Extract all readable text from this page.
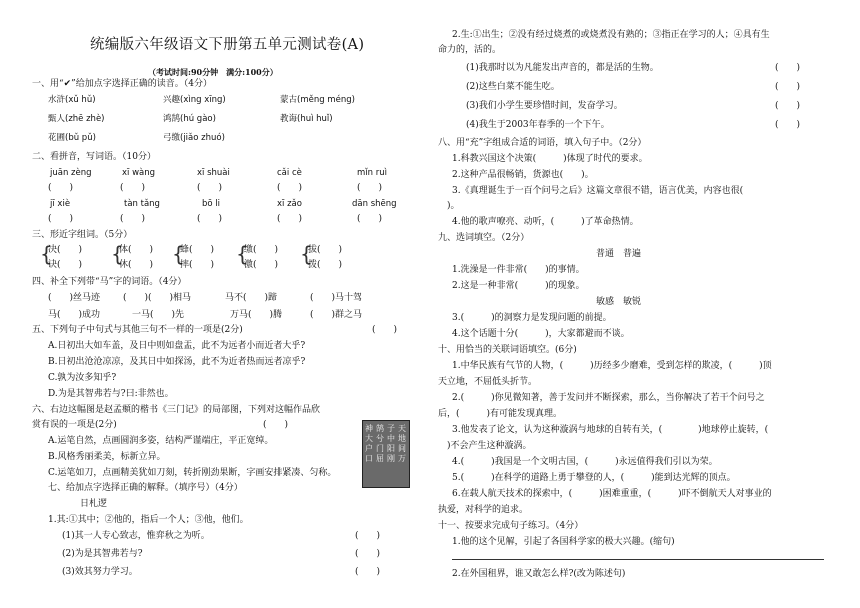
统编版六年级语文下册第五单元测试卷(A)
（考试时间:90分钟　满分:100分）
一、用“✔”给加点字选择正确的读音。（4分）
水浒(xǔ hǔ)	兴趣(xìng xīng)	蒙古(měng méng)
甄人(zhē zhè)	鸿鹄(hú gào)	教诲(huì huǐ)
花圃(bǔ pǔ)	弓缴(jiǎo zhuó)
二、看拼音，写词语。（10分）
juān zèng	xī wàng	xī shuài	cǎi cè	mǐn ruì
(　　)	(　　)	(　　)	(　　)	(　　)
jī xiè	tàn tǎng	bō li	xī zǎo	dān shēng
(　　)	(　　)	(　　)	(　　)	(　　)
三、形近字组词。（5分）
{	{ {	{	{
决(　　)	体(　　)	蜂(　　)	缴(　　)	拔(　　)
诀(　　)	休(　　)	摔(　　)	激(　　)	拨(　　)
四、补全下列带“马”字的词语。（4分）
(　　)丝马迹	(　　)(　　)相马	马不(　　)蹄	(　　)马十驾
马(　　)成功	一马(　　)先	万马(　　)腾	(　　)群之马
五、下列句子中句式与其他三句不一样的一项是(2分)	(　　)
A.日初出大如车盖，及日中则如盘盂，此不为远者小而近者大乎?
B.日初出沧沧凉凉，及其日中如探汤，此不为近者热而远者凉乎?
C.孰为汝多知乎?
D.为是其智弗若与?曰:非然也。
六、右边这幅图是赵孟頫的楷书《三门记》的局部图，下列对这幅作品欣
赏有误的一项是(2分)	(　　)
A.运笔自然，点画圆润多姿，结构严谨端庄，平正宽绰。
B.风格秀丽柔美，标新立异。
C.运笔如刀，点画精美犹如刀刻，转折刚劲果断，字画安排紧凑、匀称。
天地间万
子中阳刚
鹄兮门屈
神大户口
七、给加点字选择正确的解释。（填序号）（4分）
日札逻
1.其:①其中；②他的，指后一个人；③他，他们。
(1)其一人专心致志，惟弈秋之为听。	(　　)
(2)为是其智弗若与?	(　　)
(3)效其努力学习。	(　　)
2.生:①出生；②没有经过烧煮的或烧煮没有熟的；③指正在学习的人；④具有生
命力的，活的。
(1)我那时以为凡能发出声音的，都是活的生物。	(　　)
(2)这些白菜不能生吃。	(　　)
(3)我们小学生要珍惜时间，发奋学习。	(　　)
(4)我生于2003年春季的一个下午。	(　　)
八、用“充”字组成合适的词语，填入句子中。（2分）
1.科教兴国这个决策(　　　)体现了时代的要求。
2.这种产品很畅销，货源也(　　)。
3.《真理诞生于一百个问号之后》这篇文章很不错，语言优美，内容也很(　　　　
　)。
4.他的歌声嘹亮、动听，(　　　)了革命热情。
九、选词填空。（2分）
普通　普遍
1.洗澡是一件非常(　　)的事情。
2.这是一种非常(　　　)的现象。
敏感　敏锐
3.(　　　)的洞察力是发现问题的前提。
4.这个话题十分(　　　)，大家都避而不谈。
十、用恰当的关联词语填空。(6分)
1.中华民族有气节的人物，(　　　)历经多少磨难，受到怎样的欺凌，(　　　)顶
天立地，不屈低头折节。
2.(　　　)你见微知著，善于发问并不断探索，那么，当你解决了若干个问号之
后，(　　　)有可能发现真理。
3.他发表了论文，认为这种漩涡与地球的自转有关，(　　　　)地球停止旋转，(
　)不会产生这种漩涡。
4.(　　　)我国是一个文明古国，(　　　)永远值得我们引以为荣。
5.(　　　)在科学的道路上勇于攀登的人，(　　　)能到达光辉的顶点。
6.在载人航天技术的探索中，(　　　)困难重重，(　　　)吓不倒航天人对事业的
执爱，对科学的追求。
十一、按要求完成句子练习。（4分）
1.他的这个见解，引起了各国科学家的极大兴趣。(缩句)
2.在外国租界，谁又敢怎么样?(改为陈述句)
